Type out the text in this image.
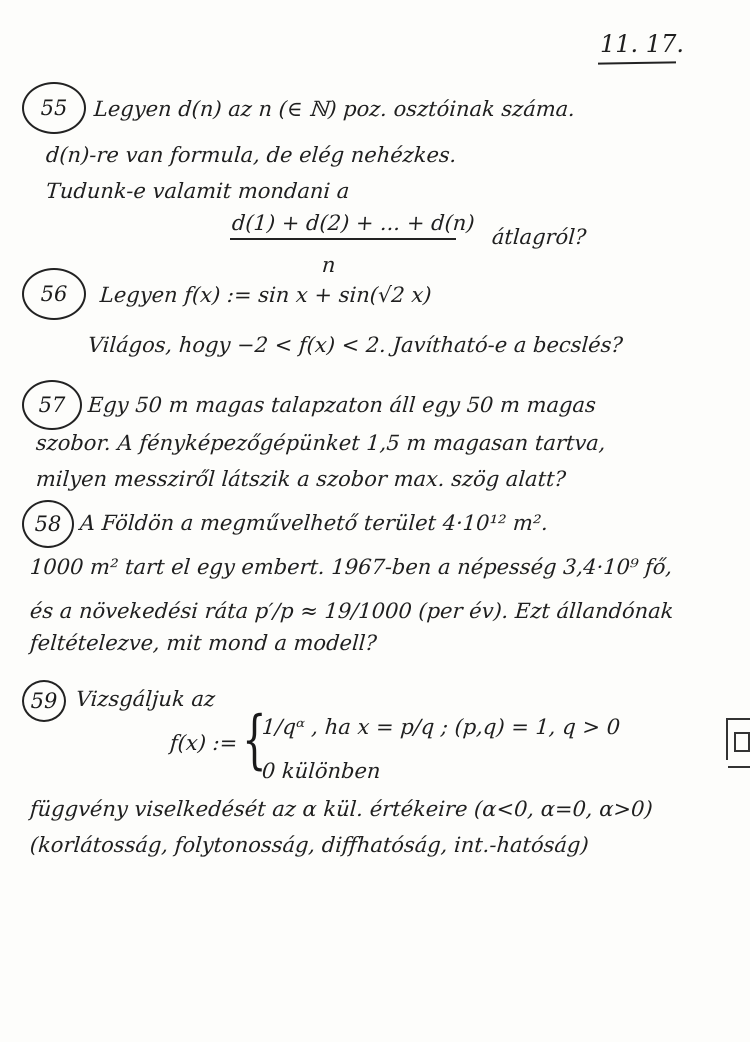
11. 17.
55	Legyen d(n) az n (∈ ℕ) poz. osztóinak száma.
d(n)-re van formula, de elég nehézkes.
Tudunk-e valamit mondani a
d(1) + d(2) + ... + d(n)
n
átlagról?
56	Legyen f(x) := sin x + sin(√2 x)
Világos, hogy −2 < f(x) < 2. Javítható-e a becslés?
57	Egy 50 m magas talapzaton áll egy 50 m magas
szobor. A fényképezőgépünket 1,5 m magasan tartva,
milyen messziről látszik a szobor max. szög alatt?
58 A Földön a megművelhető terület 4·10¹² m².
1000 m² tart el egy embert. 1967-ben a népesség 3,4·10⁹ fő,
és a növekedési ráta p′/p ≈ 19/1000 (per év). Ezt állandónak
feltételezve, mit mond a modell?
59 Vizsgáljuk az
f(x) := {
1/qᵅ , ha x = p/q ; (p,q) = 1, q > 0
0 különben
függvény viselkedését az α kül. értékeire (α<0, α=0, α>0)
(korlátosság, folytonosság, diffhatóság, int.-hatóság)
